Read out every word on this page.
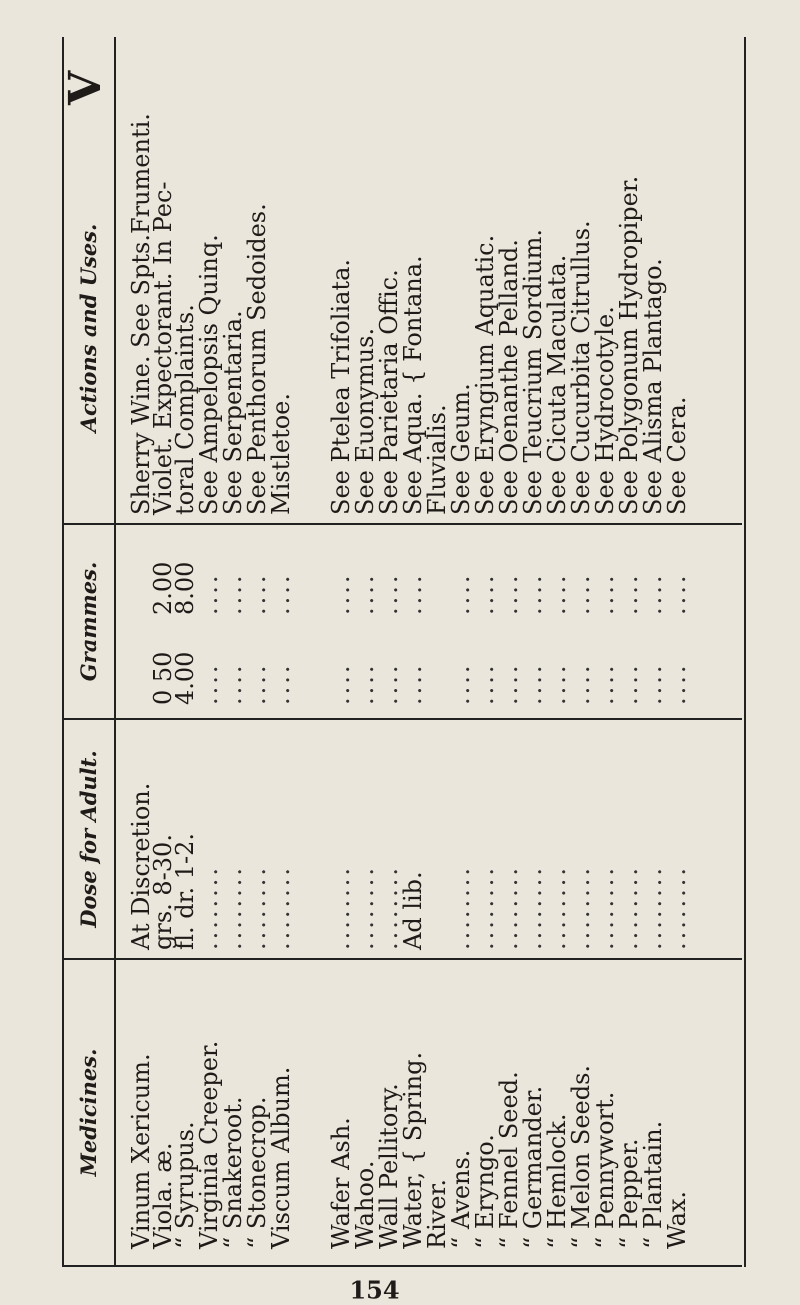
Medicines.
Dose for Adult.
Grammes.
Actions and Uses.
V
154
Vinum Xericum.
At Discretion.
Sherry Wine. See Spts.Frumenti.
Viola. æ.
grs. 8-30.
0 50
2.00
Violet. Expectorant. In Pec-
“ Syrupus.
fl. dr. 1-2.
4.00
8.00
toral Complaints.
Virginia Creeper.
........
....
....
See Ampelopsis Quinq.
“ Snakeroot.
........
....
....
See Serpentaria.
“ Stonecrop.
........
....
....
See Penthorum Sedoides.
Viscum Album.
........
....
....
Mistletoe.
Wafer Ash.
........
....
....
See Ptelea Trifoliata.
Wahoo.
........
....
....
See Euonymus.
Wall Pellitory.
........
....
....
See Parietaria Offic.
Water, { Spring.
Ad lib.
....
....
See Aqua. { Fontana.
River.
Fluvialis.
“ Avens.
........
....
....
See Geum.
“ Eryngo.
........
....
....
See Eryngium Aquatic.
“ Fennel Seed.
........
....
....
See Oenanthe Pelland.
“ Germander.
........
....
....
See Teucrium Sordium.
“ Hemlock.
........
....
....
See Cicuta Maculata.
“ Melon Seeds.
........
....
....
See Cucurbita Citrullus.
“ Pennywort.
........
....
....
See Hydrocotyle.
“ Pepper.
........
....
....
See Polygonum Hydropiper.
“ Plantain.
........
....
....
See Alisma Plantago.
Wax.
........
....
....
See Cera.
